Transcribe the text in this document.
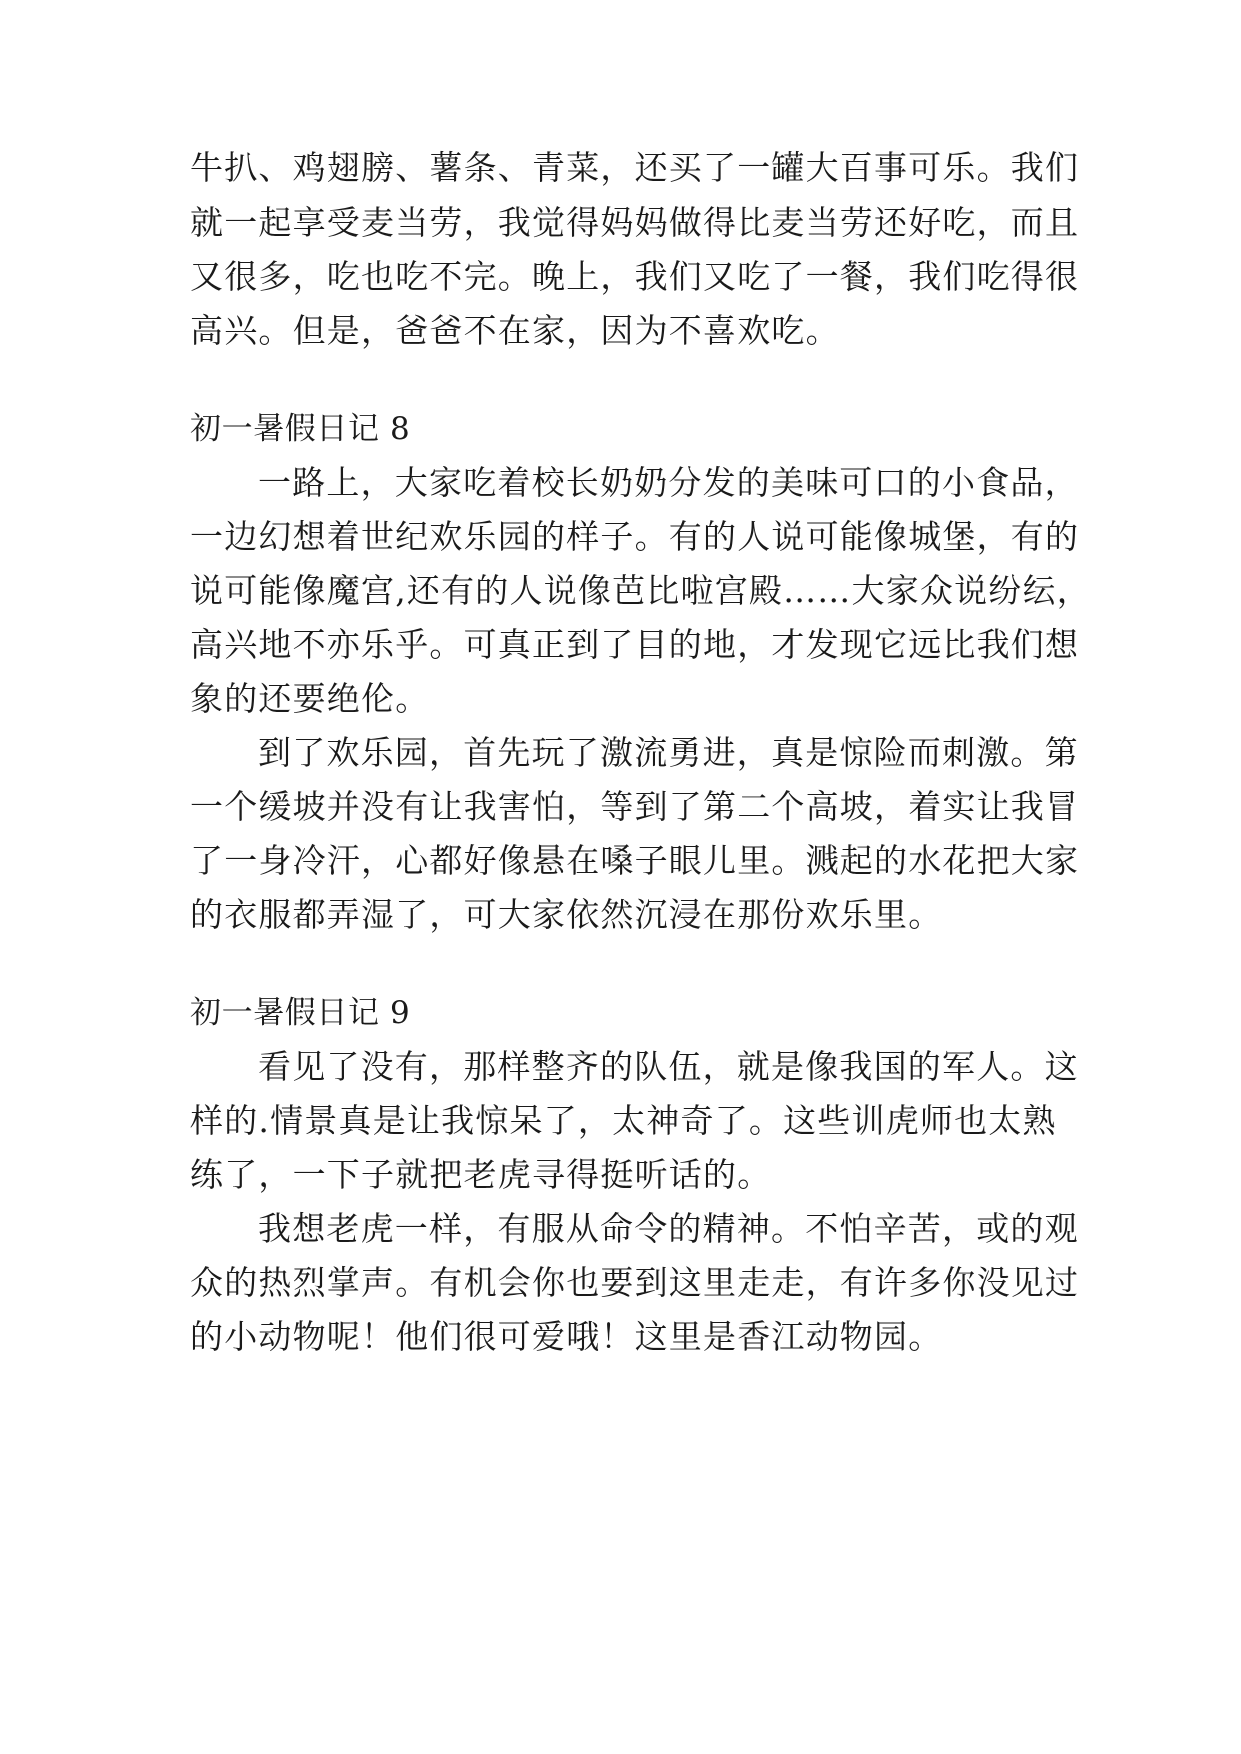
牛扒、鸡翅膀、薯条、青菜，还买了一罐大百事可乐。我们
就一起享受麦当劳，我觉得妈妈做得比麦当劳还好吃，而且
又很多，吃也吃不完。晚上，我们又吃了一餐，我们吃得很
高兴。但是，爸爸不在家，因为不喜欢吃。
初一暑假日记 8
一路上，大家吃着校长奶奶分发的美味可口的小食品，
一边幻想着世纪欢乐园的样子。有的人说可能像城堡，有的
说可能像魔宫,还有的人说像芭比啦宫殿……大家众说纷纭，
高兴地不亦乐乎。可真正到了目的地，才发现它远比我们想
象的还要绝伦。
到了欢乐园，首先玩了激流勇进，真是惊险而刺激。第
一个缓坡并没有让我害怕，等到了第二个高坡，着实让我冒
了一身冷汗，心都好像悬在嗓子眼儿里。溅起的水花把大家
的衣服都弄湿了，可大家依然沉浸在那份欢乐里。
初一暑假日记 9
看见了没有，那样整齐的队伍，就是像我国的军人。这
样的.情景真是让我惊呆了，太神奇了。这些训虎师也太熟
练了，一下子就把老虎寻得挺听话的。
我想老虎一样，有服从命令的精神。不怕辛苦，或的观
众的热烈掌声。有机会你也要到这里走走，有许多你没见过
的小动物呢！他们很可爱哦！这里是香江动物园。
